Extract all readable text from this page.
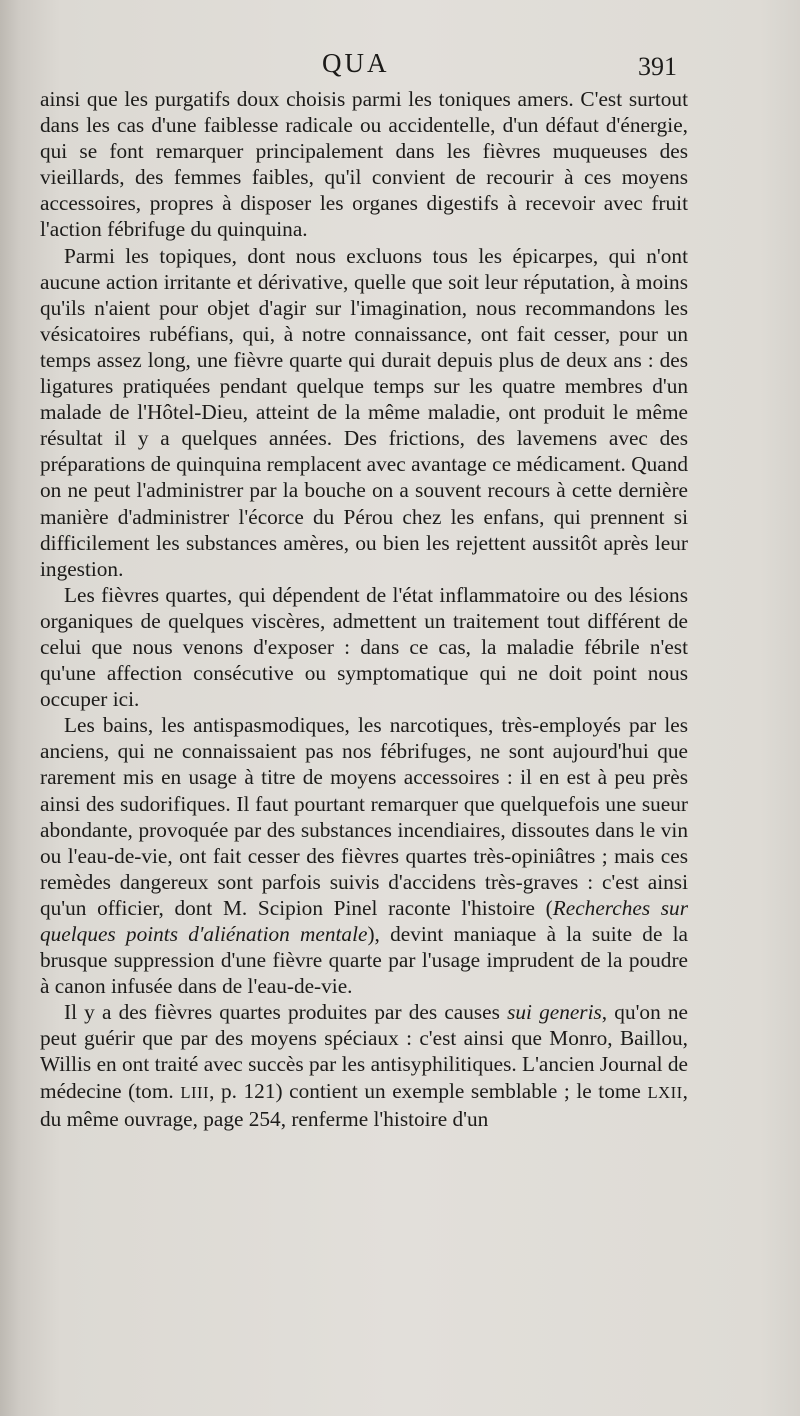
QUA	391

ainsi que les purgatifs doux choisis parmi les toniques amers. C'est surtout dans les cas d'une faiblesse radicale ou accidentelle, d'un défaut d'énergie, qui se font remarquer principalement dans les fièvres muqueuses des vieillards, des femmes faibles, qu'il convient de recourir à ces moyens accessoires, propres à disposer les organes digestifs à recevoir avec fruit l'action fébrifuge du quinquina.

Parmi les topiques, dont nous excluons tous les épicarpes, qui n'ont aucune action irritante et dérivative, quelle que soit leur réputation, à moins qu'ils n'aient pour objet d'agir sur l'imagination, nous recommandons les vésicatoires rubéfians, qui, à notre connaissance, ont fait cesser, pour un temps assez long, une fièvre quarte qui durait depuis plus de deux ans : des ligatures pratiquées pendant quelque temps sur les quatre membres d'un malade de l'Hôtel-Dieu, atteint de la même maladie, ont produit le même résultat il y a quelques années. Des frictions, des lavemens avec des préparations de quinquina remplacent avec avantage ce médicament. Quand on ne peut l'administrer par la bouche on a souvent recours à cette dernière manière d'administrer l'écorce du Pérou chez les enfans, qui prennent si difficilement les substances amères, ou bien les rejettent aussitôt après leur ingestion.

Les fièvres quartes, qui dépendent de l'état inflammatoire ou des lésions organiques de quelques viscères, admettent un traitement tout différent de celui que nous venons d'exposer : dans ce cas, la maladie fébrile n'est qu'une affection consécutive ou symptomatique qui ne doit point nous occuper ici.

Les bains, les antispasmodiques, les narcotiques, très-employés par les anciens, qui ne connaissaient pas nos fébrifuges, ne sont aujourd'hui que rarement mis en usage à titre de moyens accessoires : il en est à peu près ainsi des sudorifiques. Il faut pourtant remarquer que quelquefois une sueur abondante, provoquée par des substances incendiaires, dissoutes dans le vin ou l'eau-de-vie, ont fait cesser des fièvres quartes très-opiniâtres ; mais ces remèdes dangereux sont parfois suivis d'accidens très-graves : c'est ainsi qu'un officier, dont M. Scipion Pinel raconte l'histoire (Recherches sur quelques points d'aliénation mentale), devint maniaque à la suite de la brusque suppression d'une fièvre quarte par l'usage imprudent de la poudre à canon infusée dans de l'eau-de-vie.

Il y a des fièvres quartes produites par des causes sui generis, qu'on ne peut guérir que par des moyens spéciaux : c'est ainsi que Monro, Baillou, Willis en ont traité avec succès par les antisyphilitiques. L'ancien Journal de médecine (tom. LIII, p. 121) contient un exemple semblable ; le tome LXII, du même ouvrage, page 254, renferme l'histoire d'un
